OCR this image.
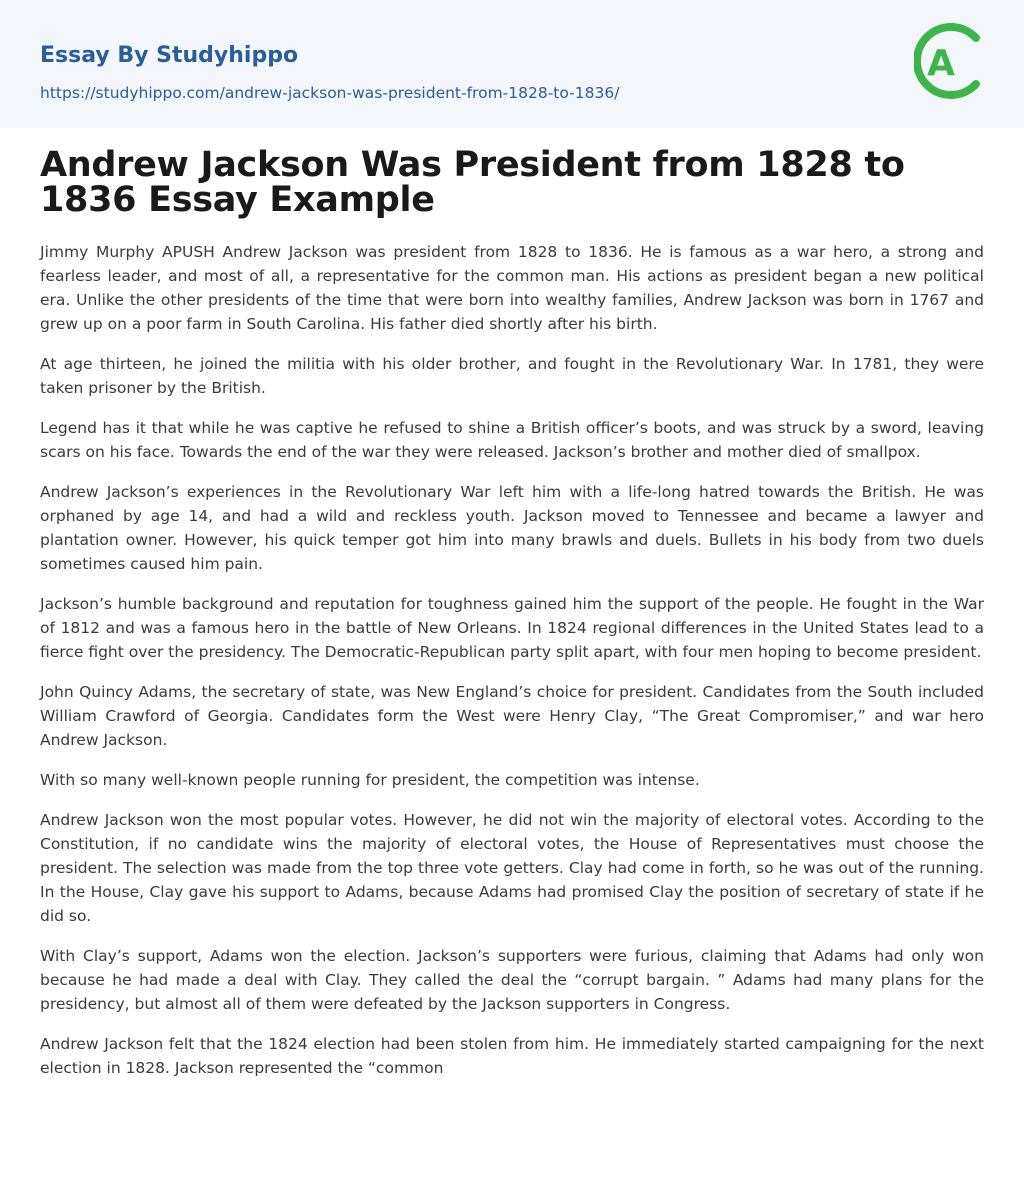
Essay By Studyhippo
https://studyhippo.com/andrew-jackson-was-president-from-1828-to-1836/
A
Andrew Jackson Was President from 1828 to 1836 Essay Example

Jimmy Murphy APUSH Andrew Jackson was president from 1828 to 1836. He is famous as a war hero, a strong and fearless leader, and most of all, a representative for the common man. His actions as president began a new political era. Unlike the other presidents of the time that were born into wealthy families, Andrew Jackson was born in 1767 and grew up on a poor farm in South Carolina. His father died shortly after his birth.

At age thirteen, he joined the militia with his older brother, and fought in the Revolutionary War. In 1781, they were taken prisoner by the British.

Legend has it that while he was captive he refused to shine a British officer’s boots, and was struck by a sword, leaving scars on his face. Towards the end of the war they were released. Jackson’s brother and mother died of smallpox.

Andrew Jackson’s experiences in the Revolutionary War left him with a life-long hatred towards the British. He was orphaned by age 14, and had a wild and reckless youth. Jackson moved to Tennessee and became a lawyer and plantation owner. However, his quick temper got him into many brawls and duels. Bullets in his body from two duels sometimes caused him pain.

Jackson’s humble background and reputation for toughness gained him the support of the people. He fought in the War of 1812 and was a famous hero in the battle of New Orleans. In 1824 regional differences in the United States lead to a fierce fight over the presidency. The Democratic-Republican party split apart, with four men hoping to become president.

John Quincy Adams, the secretary of state, was New England’s choice for president. Candidates from the South included William Crawford of Georgia. Candidates form the West were Henry Clay, “The Great Compromiser,” and war hero Andrew Jackson.

With so many well-known people running for president, the competition was intense.

Andrew Jackson won the most popular votes. However, he did not win the majority of electoral votes. According to the Constitution, if no candidate wins the majority of electoral votes, the House of Representatives must choose the president. The selection was made from the top three vote getters. Clay had come in forth, so he was out of the running. In the House, Clay gave his support to Adams, because Adams had promised Clay the position of secretary of state if he did so.

With Clay’s support, Adams won the election. Jackson’s supporters were furious, claiming that Adams had only won because he had made a deal with Clay. They called the deal the “corrupt bargain. ” Adams had many plans for the presidency, but almost all of them were defeated by the Jackson supporters in Congress.

Andrew Jackson felt that the 1824 election had been stolen from him. He immediately started campaigning for the next election in 1828. Jackson represented the “common
